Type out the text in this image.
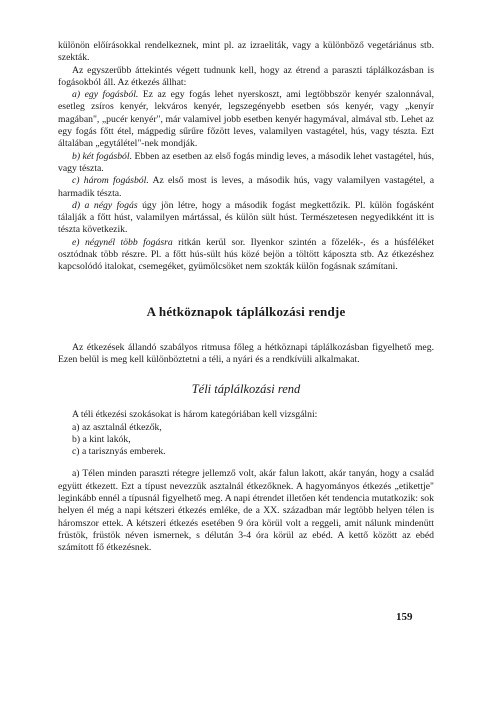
különön előírásokkal rendelkeznek, mint pl. az izraeliták, vagy a különböző vegetáriánus stb. szekták.

Az egyszerűbb áttekintés végett tudnunk kell, hogy az étrend a paraszti táplálkozásban is fogásokból áll. Az étkezés állhat:

a) egy fogásból. Ez az egy fogás lehet nyerskoszt, ami legtöbbször kenyér szalonnával, esetleg zsíros kenyér, lekváros kenyér, legszegényebb esetben sós kenyér, vagy „kenyír magában", „pucér kenyér", már valamivel jobb esetben kenyér hagymával, almával stb. Lehet az egy fogás főtt étel, mágpedig sűrűre főzött leves, valamilyen vastagétel, hús, vagy tészta. Ezt általában „egytálétel"-nek mondják.

b) két fogásból. Ebben az esetben az első fogás mindig leves, a második lehet vastagétel, hús, vagy tészta.

c) három fogásból. Az első most is leves, a második hús, vagy valamilyen vastagétel, a harmadik tészta.

d) a négy fogás úgy jön létre, hogy a második fogást megkettőzik. Pl. külön fogásként tálalják a főtt húst, valamilyen mártással, és külön sült húst. Természetesen negyedikként itt is tészta következik.

e) négynél több fogásra ritkán kerül sor. Ilyenkor szintén a főzelék-, és a húsféléket osztódnak több részre. Pl. a főtt hús-sült hús közé bejön a töltött káposzta stb. Az étkezéshez kapcsolódó italokat, csemegéket, gyümölcsöket nem szokták külön fogásnak számítani.

A hétköznapok táplálkozási rendje

Az étkezések állandó szabályos ritmusa főleg a hétköznapi táplálkozásban figyelhető meg. Ezen belül is meg kell különböztetni a téli, a nyári és a rendkívüli alkalmakat.

Téli táplálkozási rend

A téli étkezési szokásokat is három kategóriában kell vizsgálni:

a) az asztalnál étkezők,

b) a kint lakók,

c) a tarisznyás emberek.

a) Télen minden paraszti rétegre jellemző volt, akár falun lakott, akár tanyán, hogy a család együtt étkezett. Ezt a típust nevezzük asztalnál étkezőknek. A hagyományos étkezés „etikettje" leginkább ennél a típusnál figyelhető meg. A napi étrendet illetően két tendencia mutatkozik: sok helyen él még a napi kétszeri étkezés emléke, de a XX. században már legtöbb helyen télen is háromszor ettek. A kétszeri étkezés esetében 9 óra körül volt a reggeli, amit nálunk mindenütt früstök, früstök néven ismernek, s délután 3-4 óra körül az ebéd. A kettő között az ebéd számított fő étkezésnek.

159
